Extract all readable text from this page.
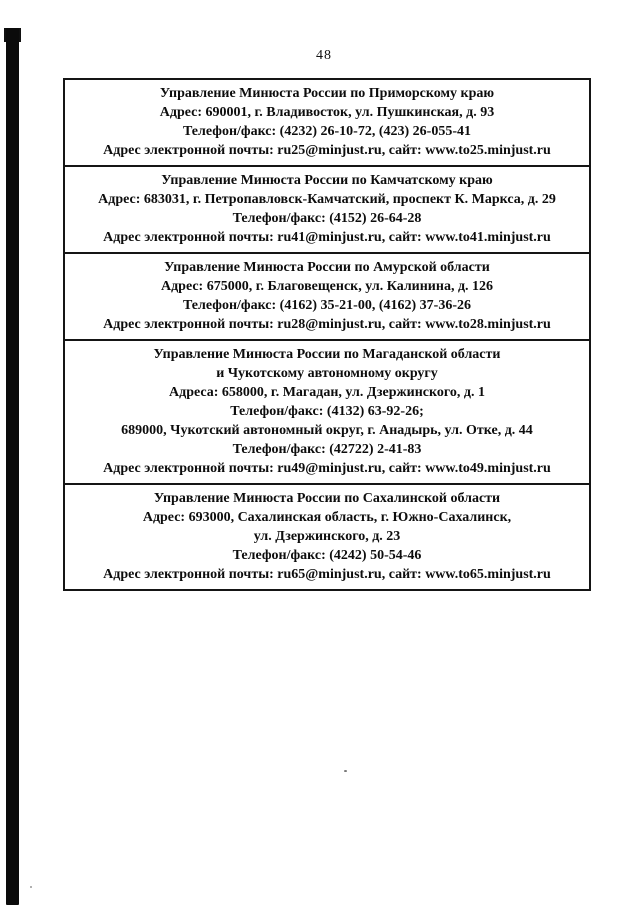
48
Управление Минюста России по Приморскому краю
Адрес: 690001, г. Владивосток, ул. Пушкинская, д. 93
Телефон/факс: (4232) 26-10-72, (423) 26-055-41
Адрес электронной почты: ru25@minjust.ru, сайт: www.to25.minjust.ru
Управление Минюста России по Камчатскому краю
Адрес: 683031, г. Петропавловск-Камчатский, проспект К. Маркса, д. 29
Телефон/факс: (4152) 26-64-28
Адрес электронной почты: ru41@minjust.ru, сайт: www.to41.minjust.ru
Управление Минюста России по Амурской области
Адрес: 675000, г. Благовещенск, ул. Калинина, д. 126
Телефон/факс: (4162) 35-21-00, (4162) 37-36-26
Адрес электронной почты: ru28@minjust.ru, сайт: www.to28.minjust.ru
Управление Минюста России по Магаданской области
и Чукотскому автономному округу
Адреса: 658000, г. Магадан, ул. Дзержинского, д. 1
Телефон/факс: (4132) 63-92-26;
689000, Чукотский автономный округ, г. Анадырь, ул. Отке, д. 44
Телефон/факс: (42722) 2-41-83
Адрес электронной почты: ru49@minjust.ru, сайт: www.to49.minjust.ru
Управление Минюста России по Сахалинской области
Адрес: 693000, Сахалинская область, г. Южно-Сахалинск,
ул. Дзержинского, д. 23
Телефон/факс: (4242) 50-54-46
Адрес электронной почты: ru65@minjust.ru, сайт: www.to65.minjust.ru
